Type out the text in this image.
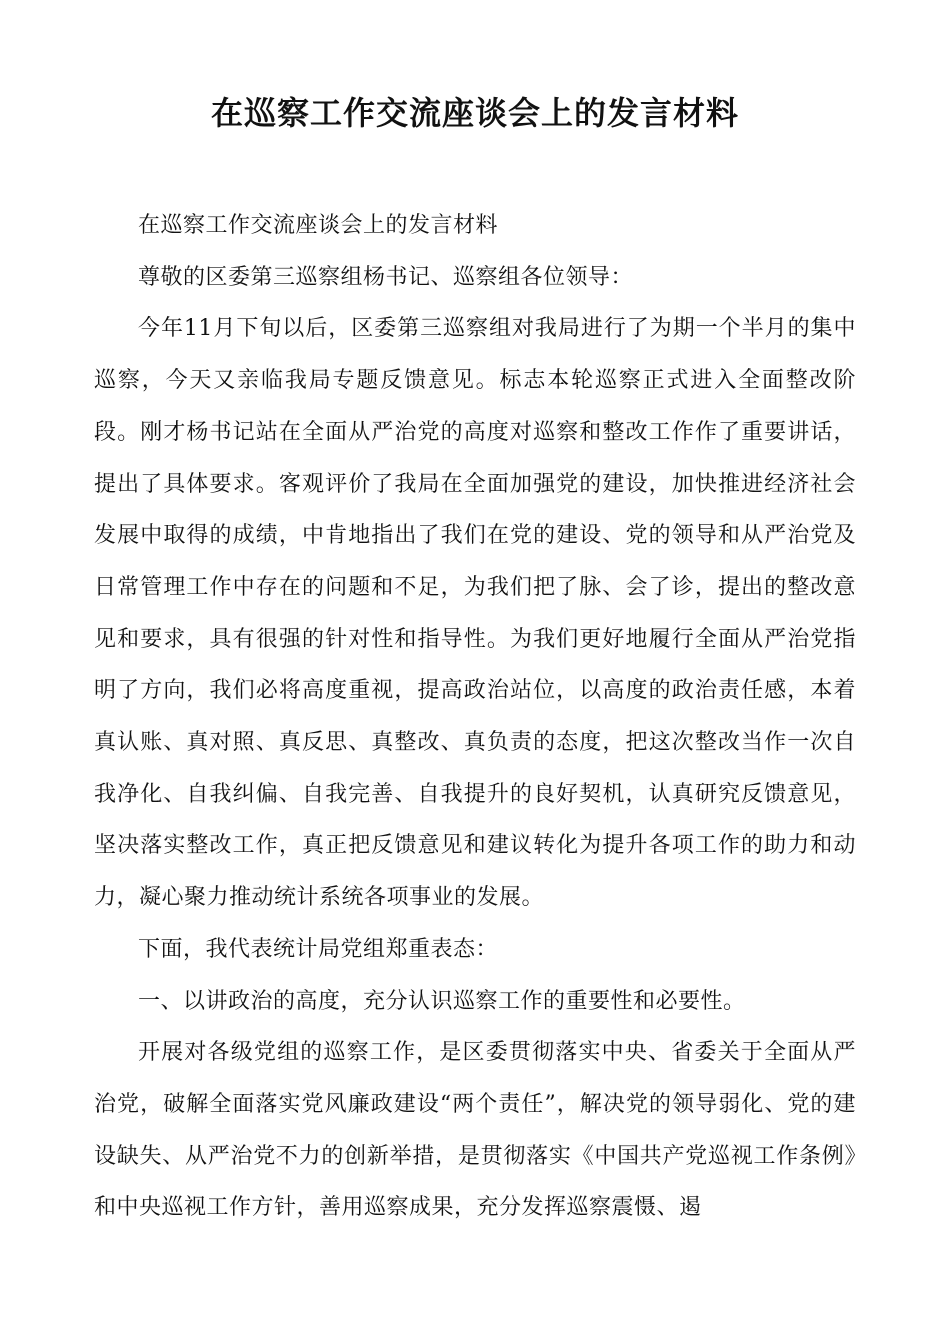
在巡察工作交流座谈会上的发言材料

在巡察工作交流座谈会上的发言材料

尊敬的区委第三巡察组杨书记、巡察组各位领导：

今年11月下旬以后，区委第三巡察组对我局进行了为期一个半月的集中巡察，今天又亲临我局专题反馈意见。标志本轮巡察正式进入全面整改阶段。刚才杨书记站在全面从严治党的高度对巡察和整改工作作了重要讲话，提出了具体要求。客观评价了我局在全面加强党的建设，加快推进经济社会发展中取得的成绩，中肯地指出了我们在党的建设、党的领导和从严治党及日常管理工作中存在的问题和不足，为我们把了脉、会了诊，提出的整改意见和要求，具有很强的针对性和指导性。为我们更好地履行全面从严治党指明了方向，我们必将高度重视，提高政治站位，以高度的政治责任感，本着真认账、真对照、真反思、真整改、真负责的态度，把这次整改当作一次自我净化、自我纠偏、自我完善、自我提升的良好契机，认真研究反馈意见，坚决落实整改工作，真正把反馈意见和建议转化为提升各项工作的助力和动力，凝心聚力推动统计系统各项事业的发展。

下面，我代表统计局党组郑重表态：

一、以讲政治的高度，充分认识巡察工作的重要性和必要性。

开展对各级党组的巡察工作，是区委贯彻落实中央、省委关于全面从严治党，破解全面落实党风廉政建设“两个责任”，解决党的领导弱化、党的建设缺失、从严治党不力的创新举措，是贯彻落实《中国共产党巡视工作条例》和中央巡视工作方针，善用巡察成果，充分发挥巡察震慑、遏
